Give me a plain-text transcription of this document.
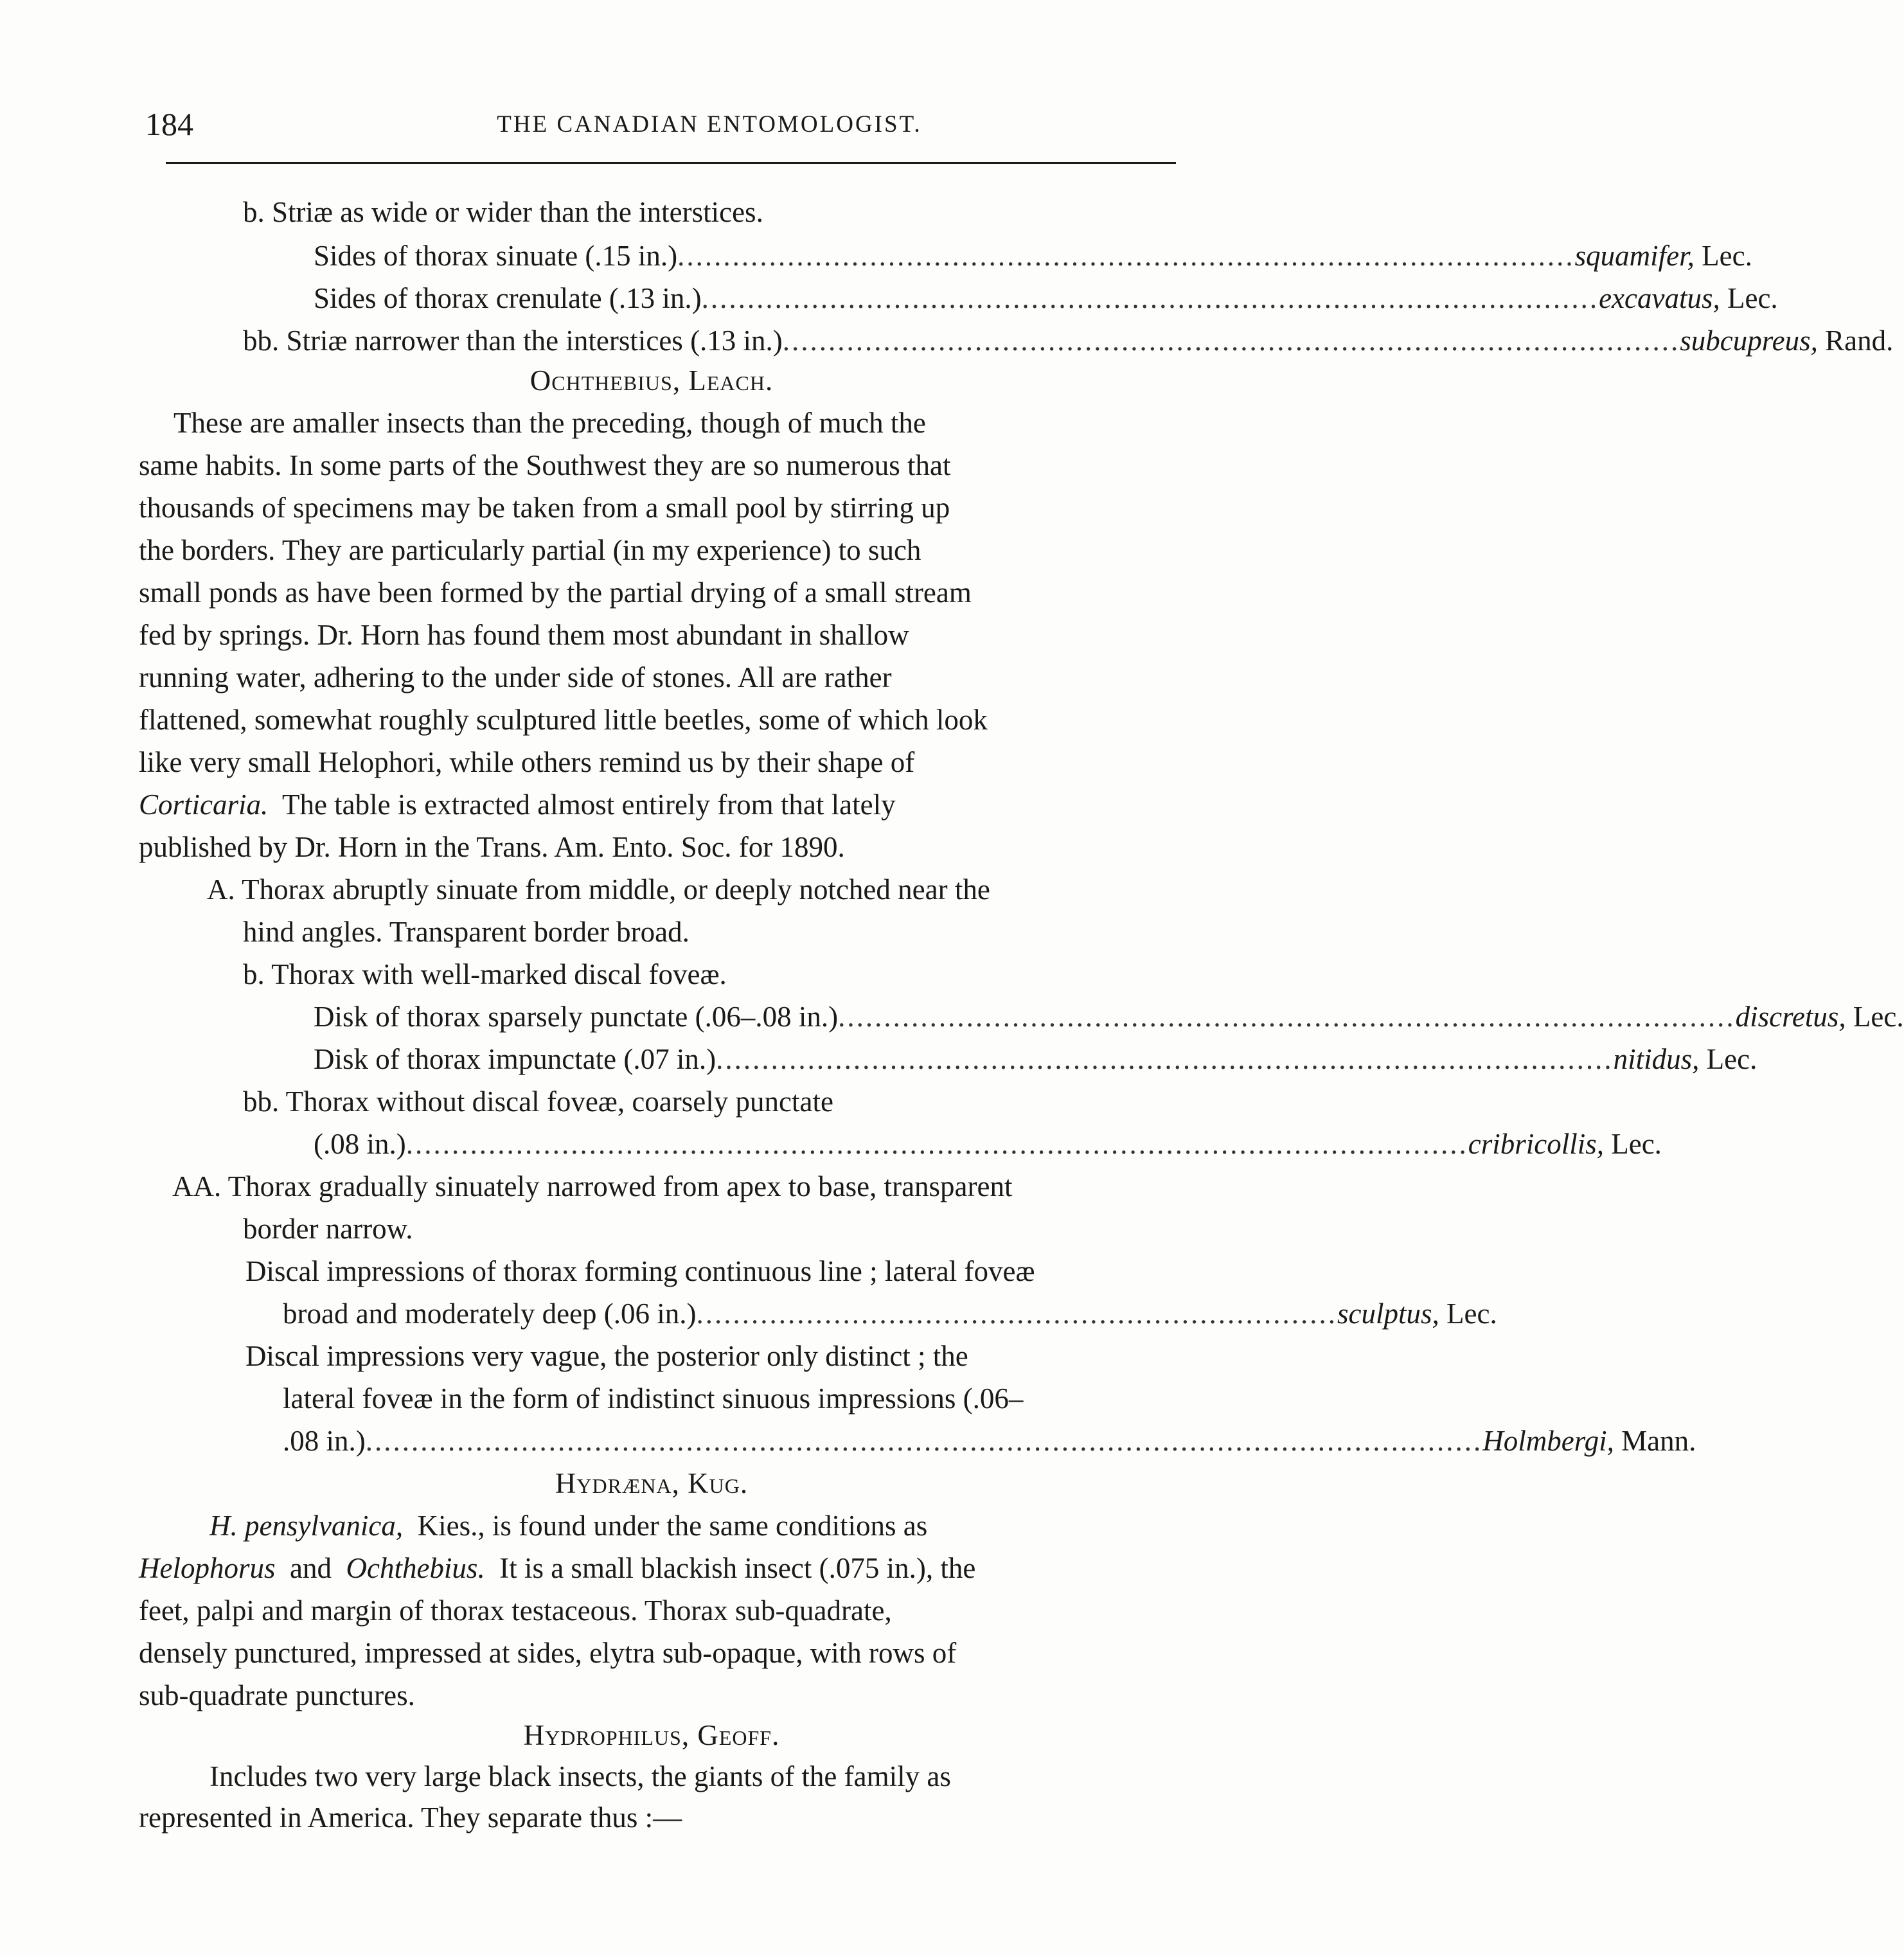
184	THE CANADIAN ENTOMOLOGIST.
b. Striæ as wide or wider than the interstices.
Sides of thorax sinuate (.15 in.) .................................................................................................. squamifer,
Lec.
Sides of thorax crenulate (.13 in.) .................................................................................................. excavatus,
Lec.
bb. Striæ narrower than the interstices (.13 in.) .................................................................................................. subcupreus,
Rand.
Ochthebius, Leach.
These are amaller insects than the preceding, though of much the
same habits. In some parts of the Southwest they are so numerous that
thousands of specimens may be taken from a small pool by stirring up
the borders. They are particularly partial (in my experience) to such
small ponds as have been formed by the partial drying of a small stream
fed by springs. Dr. Horn has found them most abundant in shallow
running water, adhering to the under side of stones. All are rather
flattened, somewhat roughly sculptured little beetles, some of which look
like very small Helophori, while others remind us by their shape of
Corticaria. The table is extracted almost entirely from that lately
published by Dr. Horn in the Trans. Am. Ento. Soc. for 1890.
A. Thorax abruptly sinuate from middle, or deeply notched near the
hind angles. Transparent border broad.
b. Thorax with well-marked discal foveæ.
Disk of thorax sparsely punctate (.06–.08 in.) .................................................................................................. discretus,
Lec.
Disk of thorax impunctate (.07 in.) .................................................................................................. nitidus,
Lec.
bb. Thorax without discal foveæ, coarsely punctate
(.08 in.) .................................................................................................................... cribricollis,
Lec.
AA. Thorax gradually sinuately narrowed from apex to base, transparent
border narrow.
Discal impressions of thorax forming continuous line ; lateral foveæ
broad and moderately deep (.06 in.) ...................................................................... sculptus,
Lec.
Discal impressions very vague, the posterior only distinct ; the
lateral foveæ in the form of indistinct sinuous impressions (.06–
.08 in.) .......................................................................................................................... Holmbergi,
Mann.
Hydræna, Kug.
H. pensylvanica, Kies., is found under the same conditions as
Helophorus and Ochthebius. It is a small blackish insect (.075 in.), the
feet, palpi and margin of thorax testaceous. Thorax sub-quadrate,
densely punctured, impressed at sides, elytra sub-opaque, with rows of
sub-quadrate punctures.
Hydrophilus, Geoff.
Includes two very large black insects, the giants of the family as
represented in America. They separate thus :—
